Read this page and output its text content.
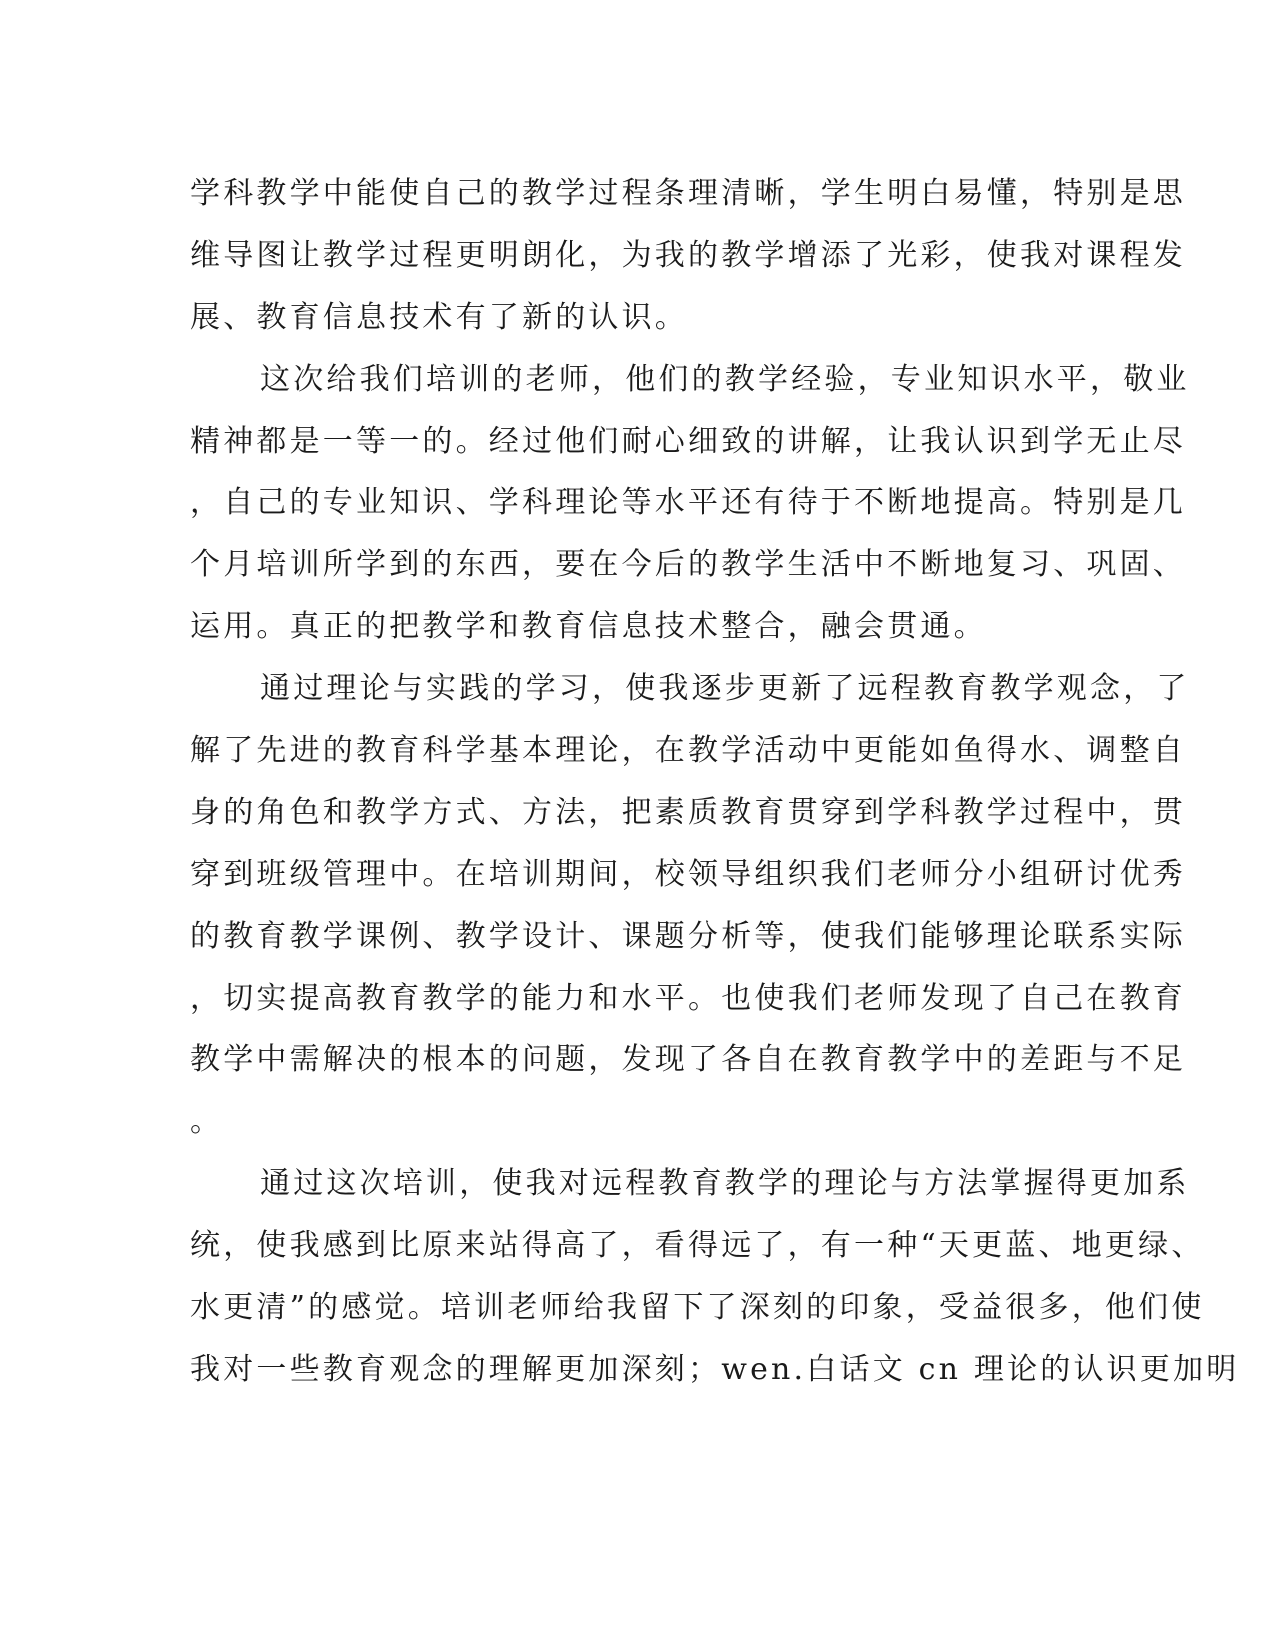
学科教学中能使自己的教学过程条理清晰，学生明白易懂，特别是思
维导图让教学过程更明朗化，为我的教学增添了光彩，使我对课程发
展、教育信息技术有了新的认识。
这次给我们培训的老师，他们的教学经验，专业知识水平，敬业
精神都是一等一的。经过他们耐心细致的讲解，让我认识到学无止尽
，自己的专业知识、学科理论等水平还有待于不断地提高。特别是几
个月培训所学到的东西，要在今后的教学生活中不断地复习、巩固、
运用。真正的把教学和教育信息技术整合，融会贯通。
通过理论与实践的学习，使我逐步更新了远程教育教学观念，了
解了先进的教育科学基本理论，在教学活动中更能如鱼得水、调整自
身的角色和教学方式、方法，把素质教育贯穿到学科教学过程中，贯
穿到班级管理中。在培训期间，校领导组织我们老师分小组研讨优秀
的教育教学课例、教学设计、课题分析等，使我们能够理论联系实际
，切实提高教育教学的能力和水平。也使我们老师发现了自己在教育
教学中需解决的根本的问题，发现了各自在教育教学中的差距与不足
。
通过这次培训，使我对远程教育教学的理论与方法掌握得更加系
统，使我感到比原来站得高了，看得远了，有一种“天更蓝、地更绿、
水更清”的感觉。培训老师给我留下了深刻的印象，受益很多，他们使
我对一些教育观念的理解更加深刻；wen.白话文 cn 理论的认识更加明
